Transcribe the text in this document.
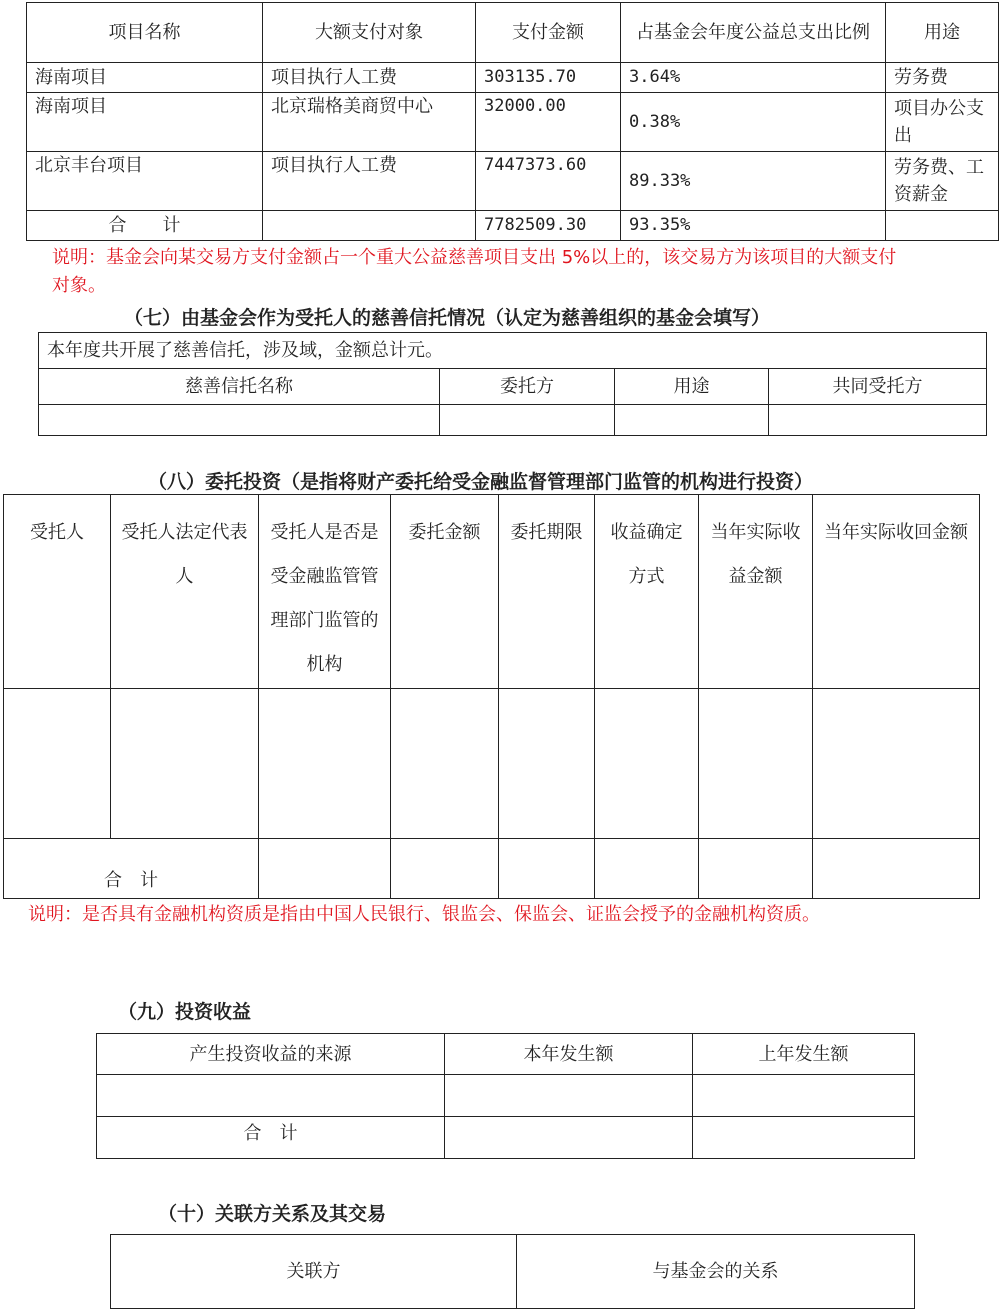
项目名称	大额支付对象	支付金额	占基金会年度公益总支出比例	用途
海南项目	项目执行人工费	303135.70	3.64%	劳务费
海南项目	北京瑞格美商贸中心	32000.00	0.38%	项目办公支出
北京丰台项目	项目执行人工费	7447373.60	89.33%	劳务费、工资薪金
合　　计		7782509.30	93.35%	
说明：基金会向某交易方支付金额占一个重大公益慈善项目支出 5%以上的，该交易方为该项目的大额支付对象。
（七）由基金会作为受托人的慈善信托情况（认定为慈善组织的基金会填写）
本年度共开展了慈善信托，涉及域，金额总计元。			
慈善信托名称	委托方	用途	共同受托方

（八）委托投资（是指将财产委托给受金融监督管理部门监管的机构进行投资）
受托人	受托人法定代表人	受托人是否是受金融监管管理部门监管的机构	委托金额	委托期限	收益确定方式	当年实际收益金额	当年实际收回金额

合　计							
说明：是否具有金融机构资质是指由中国人民银行、银监会、保监会、证监会授予的金融机构资质。
（九）投资收益
产生投资收益的来源	本年发生额	上年发生额

合　计		
（十）关联方关系及其交易
关联方	与基金会的关系
